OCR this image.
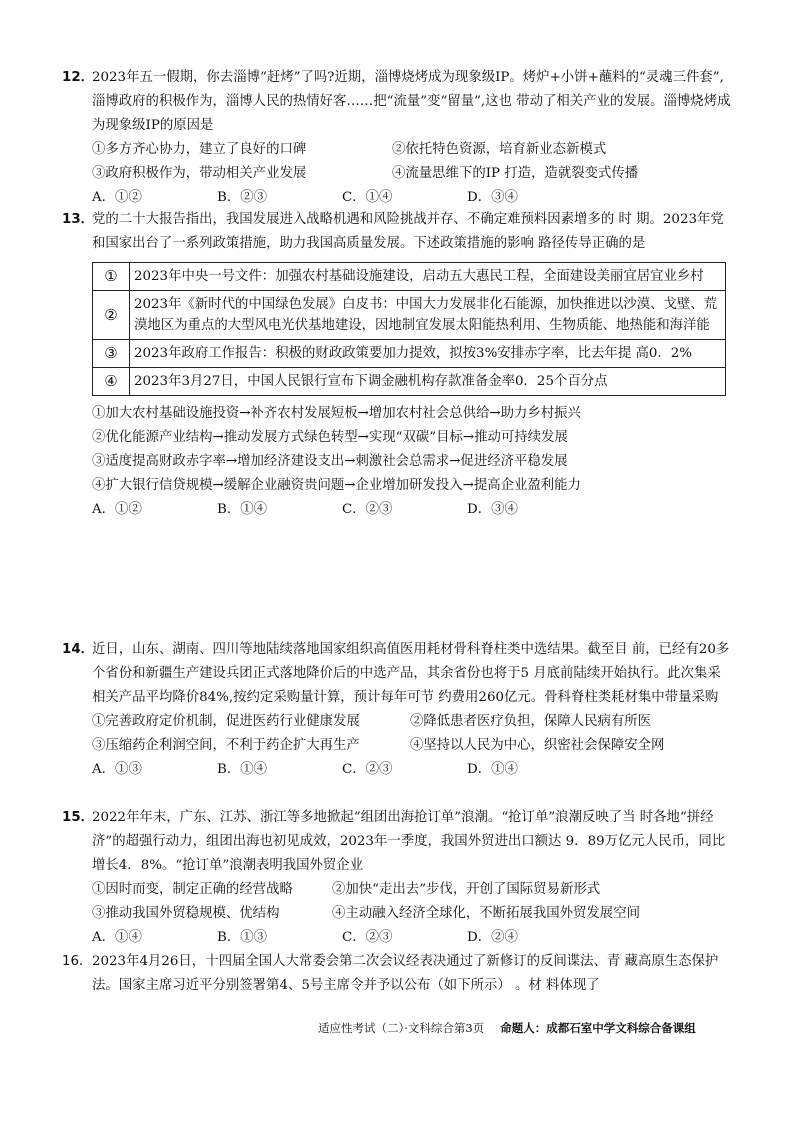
12．2023年五一假期，你去淄博“赶烤”了吗?近期，淄博烧烤成为现象级IP。烤炉+小饼+蘸料的“灵魂三件套”,淄博政府的积极作为，淄博人民的热情好客……把“流量”变“留量”,这也 带动了相关产业的发展。淄博烧烤成为现象级IP的原因是
①多方齐心协力，建立了良好的口碑	②依托特色资源，培育新业态新模式
③政府积极作为，带动相关产业发展	④流量思维下的IP 打造，造就裂变式传播
A．①②	B．②③	C．①④	D．③④
13．党的二十大报告指出，我国发展进入战略机遇和风险挑战并存、不确定难预料因素增多的 时 期。2023年党和国家出台了一系列政策措施，助力我国高质量发展。下述政策措施的影响 路径传导正确的是
①	2023年中央一号文件：加强农村基础设施建设，启动五大惠民工程，全面建设美丽宜居宜业乡村
②	2023年《新时代的中国绿色发展》白皮书：中国大力发展非化石能源，加快推进以沙漠、戈壁、荒漠地区为重点的大型风电光伏基地建设，因地制宜发展太阳能热利用、生物质能、地热能和海洋能
③	2023年政府工作报告：积极的财政政策要加力提效，拟按3%安排赤字率，比去年提 高0．2%
④	2023年3月27日，中国人民银行宣布下调金融机构存款准备金率0．25个百分点
①加大农村基础设施投资→补齐农村发展短板→增加农村社会总供给→助力乡村振兴
②优化能源产业结构→推动发展方式绿色转型→实现“双碳”目标→推动可持续发展
③适度提高财政赤字率→增加经济建设支出→刺激社会总需求→促进经济平稳发展
④扩大银行信贷规模→缓解企业融资贵问题→企业增加研发投入→提高企业盈利能力
A．①②	B．①④	C．②③	D．③④
14．近日，山东、湖南、四川等地陆续落地国家组织高值医用耗材骨科脊柱类中选结果。截至目 前，已经有20多个省份和新疆生产建设兵团正式落地降价后的中选产品，其余省份也将于5 月底前陆续开始执行。此次集采相关产品平均降价84%,按约定采购量计算，预计每年可节 约费用260亿元。骨科脊柱类耗材集中带量采购
①完善政府定价机制，促进医药行业健康发展	②降低患者医疗负担，保障人民病有所医
③压缩药企利润空间，不利于药企扩大再生产	④坚持以人民为中心，织密社会保障安全网
A．①③	B．①④	C．②③	D．①④
15．2022年年末，广东、江苏、浙江等多地掀起“组团出海抢订单”浪潮。“抢订单”浪潮反映了当 时各地“拼经济”的超强行动力，组团出海也初见成效，2023年一季度，我国外贸进出口额达 9．89万亿元人民币，同比增长4．8%。“抢订单”浪潮表明我国外贸企业
①因时而变，制定正确的经营战略	②加快“走出去”步伐，开创了国际贸易新形式
③推动我国外贸稳规模、优结构	④主动融入经济全球化，不断拓展我国外贸发展空间
A．①④	B．①③	C．②③	D．②④
16．2023年4月26日，十四届全国人大常委会第二次会议经表决通过了新修订的反间谍法、青 藏高原生态保护法。国家主席习近平分别签署第4、5号主席令并予以公布（如下所示） 。材 料体现了
适应性考试（二）·文科综合第3页 命题人：成都石室中学文科综合备课组
